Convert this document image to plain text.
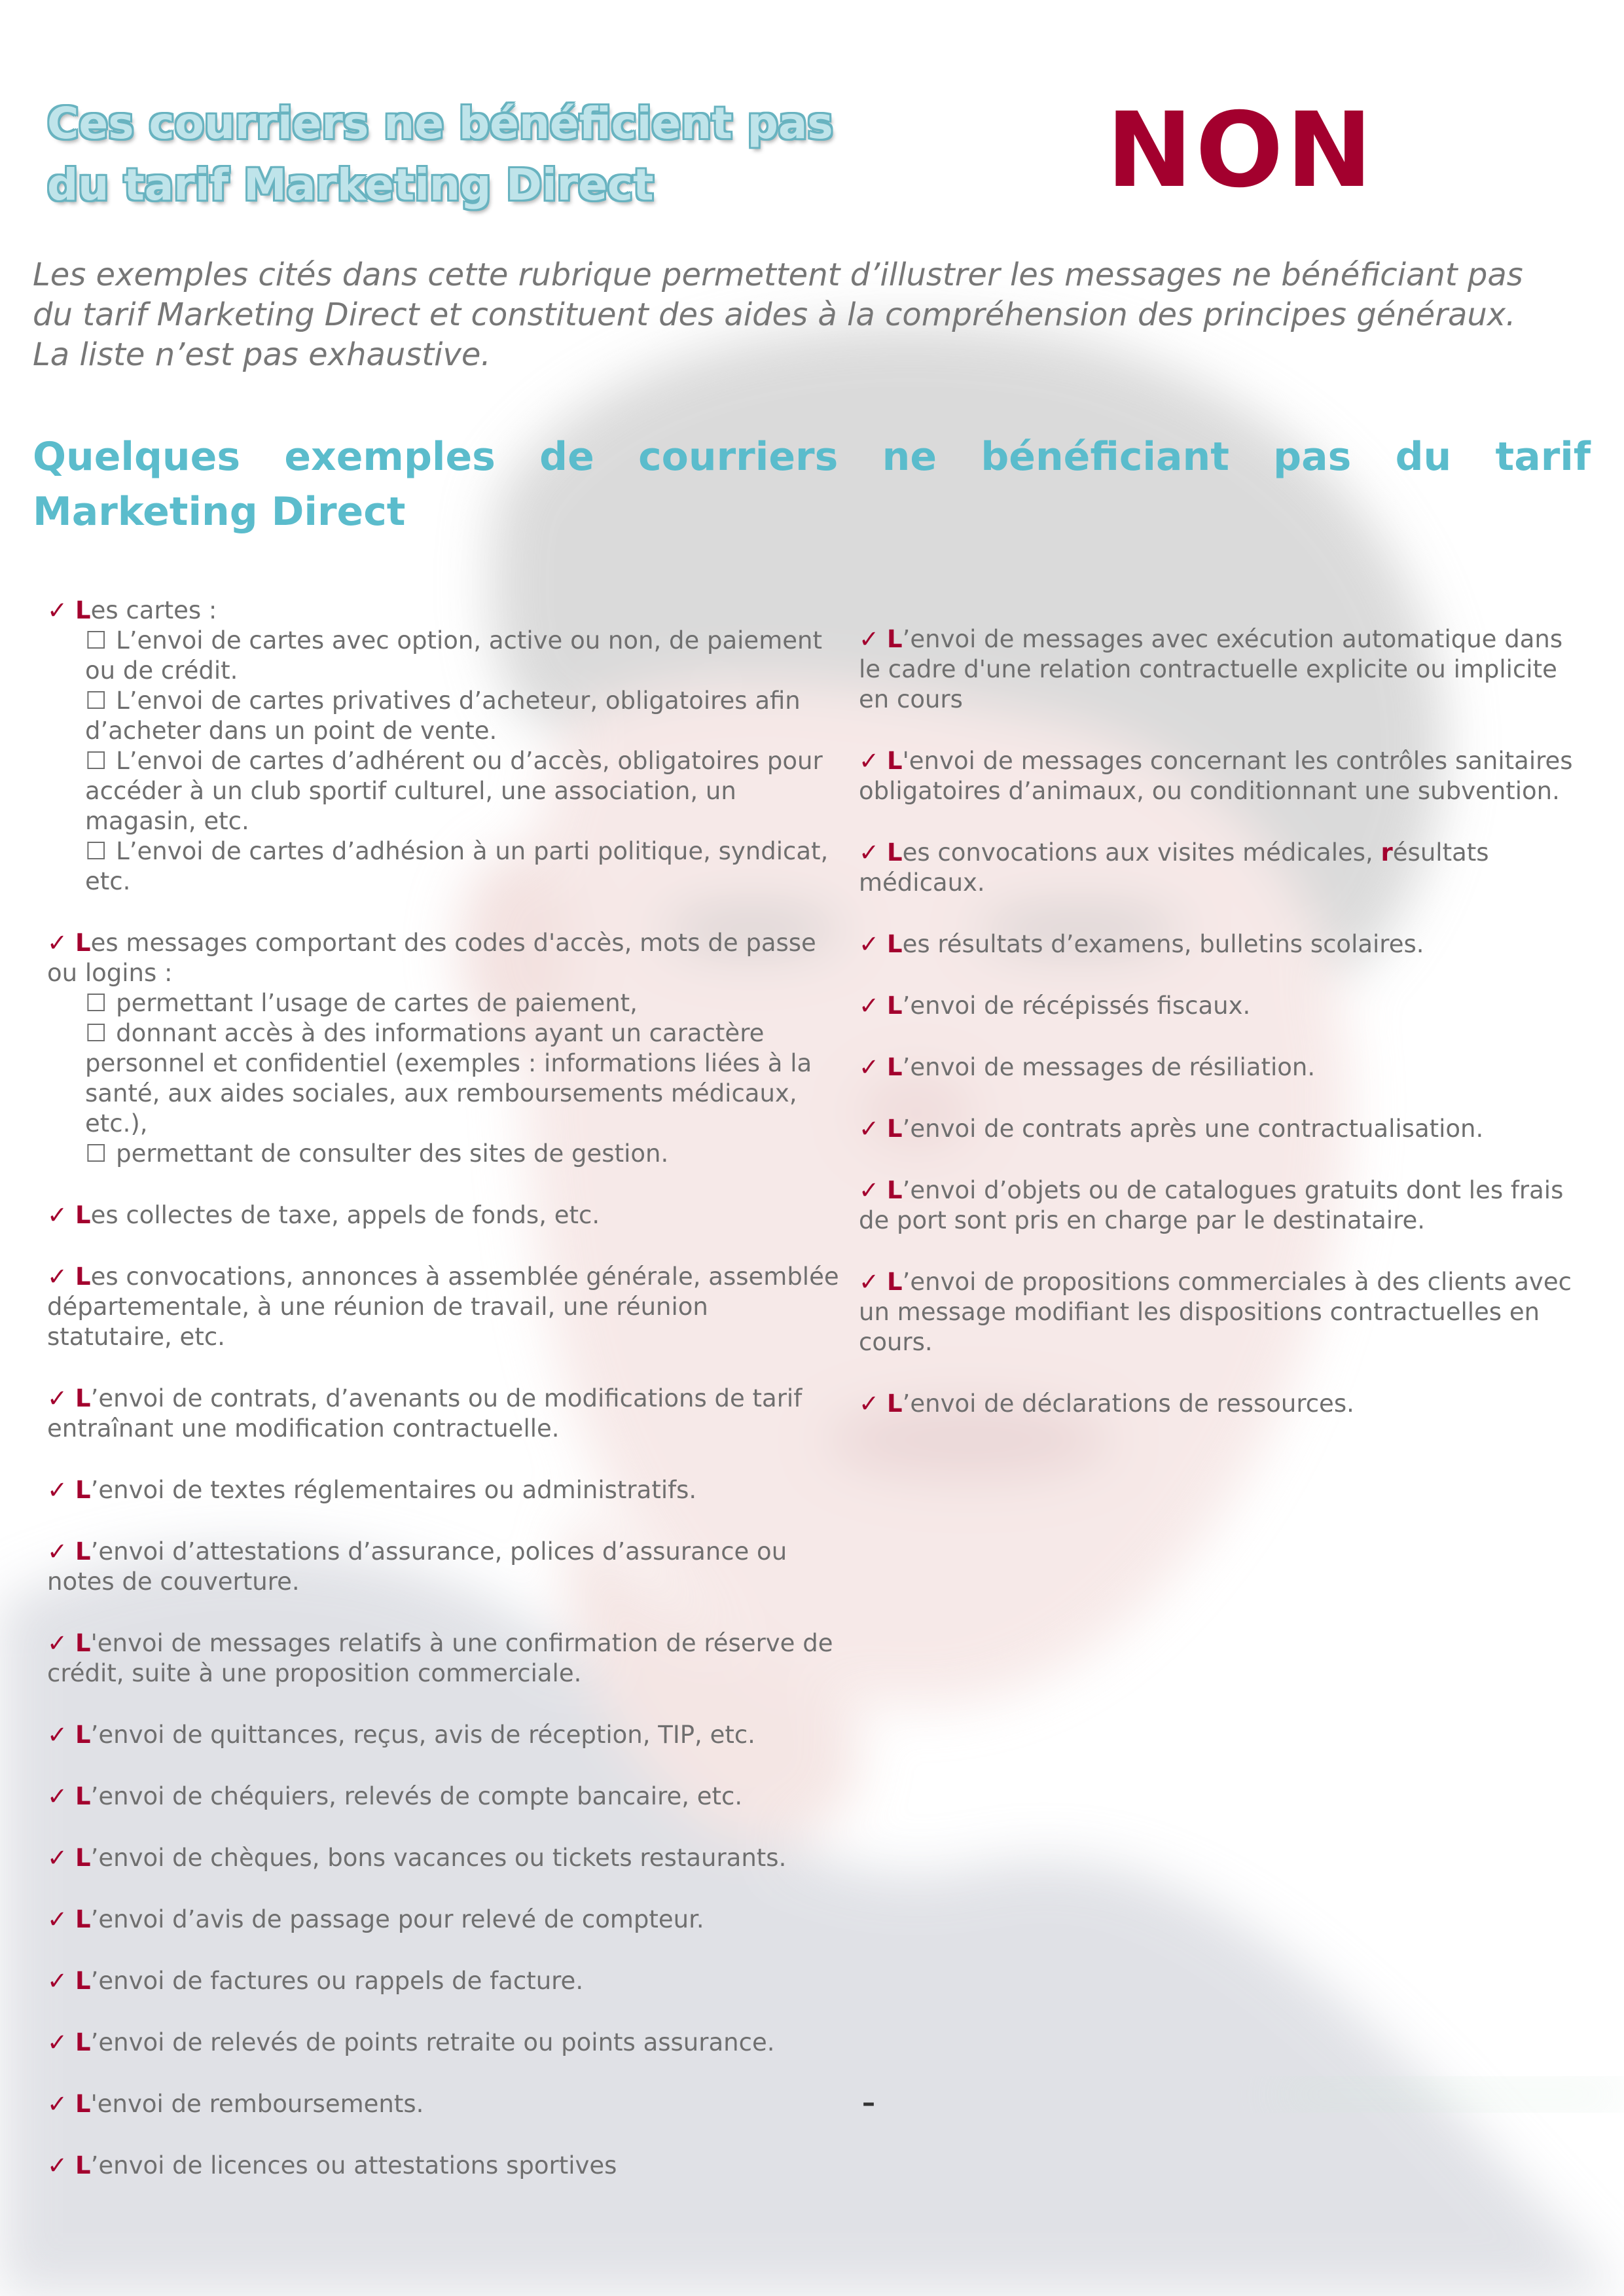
Ces courriers ne bénéficient pas
du tarif Marketing Direct	NON
Les exemples cités dans cette rubrique permettent d’illustrer les messages ne bénéficiant pas
du tarif Marketing Direct et constituent des aides à la compréhension des principes généraux.
La liste n’est pas exhaustive.
Quelques exemples de courriers ne bénéficiant pas du tarif
Marketing Direct
✓ Les cartes :
☐ L’envoi de cartes avec option, active ou non, de paiement ou de crédit.
☐ L’envoi de cartes privatives d’acheteur, obligatoires afin d’acheter dans un point de vente.
☐ L’envoi de cartes d’adhérent ou d’accès, obligatoires pour accéder à un club sportif culturel, une association, un magasin, etc.
☐ L’envoi de cartes d’adhésion à un parti politique, syndicat, etc.
✓ Les messages comportant des codes d'accès, mots de passe ou logins :
☐ permettant l’usage de cartes de paiement,
☐ donnant accès à des informations ayant un caractère personnel et confidentiel (exemples : informations liées à la santé, aux aides sociales, aux remboursements médicaux, etc.),
☐ permettant de consulter des sites de gestion.
✓ Les collectes de taxe, appels de fonds, etc.
✓ Les convocations, annonces à assemblée générale, assemblée départementale, à une réunion de travail, une réunion statutaire, etc.
✓ L’envoi de contrats, d’avenants ou de modifications de tarif entraînant une modification contractuelle.
✓ L’envoi de textes réglementaires ou administratifs.
✓ L’envoi d’attestations d’assurance, polices d’assurance ou notes de couverture.
✓ L'envoi de messages relatifs à une confirmation de réserve de crédit, suite à une proposition commerciale.
✓ L’envoi de quittances, reçus, avis de réception, TIP, etc.
✓ L’envoi de chéquiers, relevés de compte bancaire, etc.
✓ L’envoi de chèques, bons vacances ou tickets restaurants.
✓ L’envoi d’avis de passage pour relevé de compteur.
✓ L’envoi de factures ou rappels de facture.
✓ L’envoi de relevés de points retraite ou points assurance.
✓ L'envoi de remboursements.
✓ L’envoi de licences ou attestations sportives
✓ L’envoi de messages avec exécution automatique dans le cadre d'une relation contractuelle explicite ou implicite en cours
✓ L'envoi de messages concernant les contrôles sanitaires obligatoires d’animaux, ou conditionnant une subvention.
✓ Les convocations aux visites médicales, résultats médicaux.
✓ Les résultats d’examens, bulletins scolaires.
✓ L’envoi de récépissés fiscaux.
✓ L’envoi de messages de résiliation.
✓ L’envoi de contrats après une contractualisation.
✓ L’envoi d’objets ou de catalogues gratuits dont les frais de port sont pris en charge par le destinataire.
✓ L’envoi de propositions commerciales à des clients avec un message modifiant les dispositions contractuelles en cours.
✓ L’envoi de déclarations de ressources.
–
